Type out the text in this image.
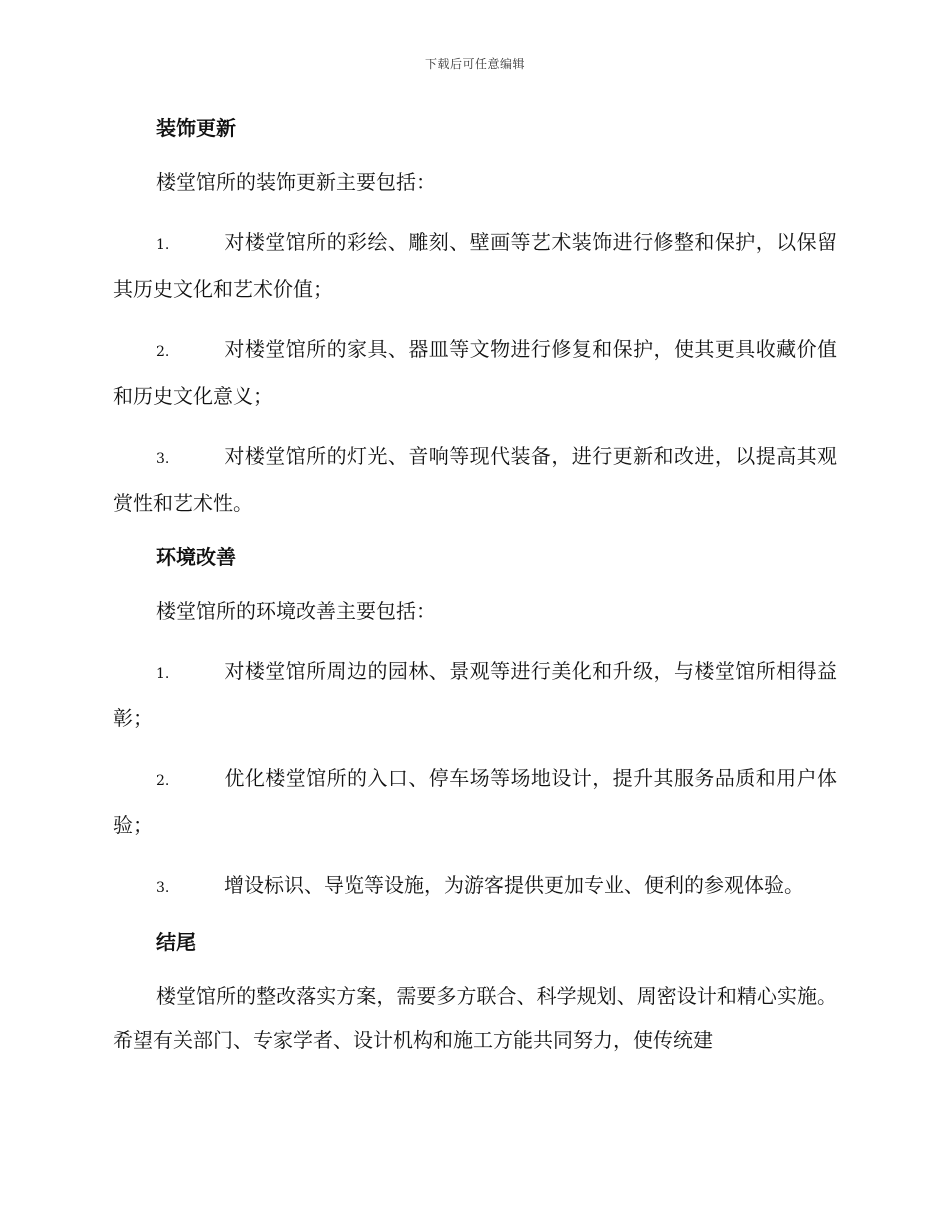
下载后可任意编辑
装饰更新

楼堂馆所的装饰更新主要包括：

1.	对楼堂馆所的彩绘、雕刻、壁画等艺术装饰进行修整和保护，以保留其历史文化和艺术价值；

2.	对楼堂馆所的家具、器皿等文物进行修复和保护，使其更具收藏价值和历史文化意义；

3.	对楼堂馆所的灯光、音响等现代装备，进行更新和改进，以提高其观赏性和艺术性。

环境改善

楼堂馆所的环境改善主要包括：

1.	对楼堂馆所周边的园林、景观等进行美化和升级，与楼堂馆所相得益彰；

2.	优化楼堂馆所的入口、停车场等场地设计，提升其服务品质和用户体验；

3.	增设标识、导览等设施，为游客提供更加专业、便利的参观体验。

结尾

楼堂馆所的整改落实方案，需要多方联合、科学规划、周密设计和精心实施。希望有关部门、专家学者、设计机构和施工方能共同努力，使传统建
